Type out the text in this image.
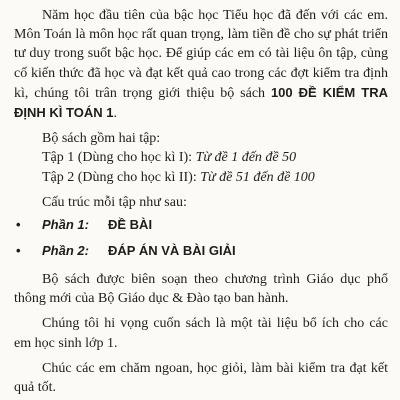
Năm học đầu tiên của bậc học Tiểu học đã đến với các em. Môn Toán là môn học rất quan trọng, làm tiền đề cho sự phát triển tư duy trong suốt bậc học. Để giúp các em có tài liệu ôn tập, củng cố kiến thức đã học và đạt kết quả cao trong các đợt kiểm tra định kì, chúng tôi trân trọng giới thiệu bộ sách 100 ĐỀ KIỂM TRA ĐỊNH KÌ TOÁN 1.

Bộ sách gồm hai tập:

Tập 1 (Dùng cho học kì I): Từ đề 1 đến đề 50

Tập 2 (Dùng cho học kì II): Từ đề 51 đến đề 100

Cấu trúc mỗi tập như sau:

• Phần 1: ĐỀ BÀI

• Phần 2: ĐÁP ÁN VÀ BÀI GIẢI

Bộ sách được biên soạn theo chương trình Giáo dục phổ thông mới của Bộ Giáo dục & Đào tạo ban hành.

Chúng tôi hi vọng cuốn sách là một tài liệu bổ ích cho các em học sinh lớp 1.

Chúc các em chăm ngoan, học giỏi, làm bài kiểm tra đạt kết quả tốt.
